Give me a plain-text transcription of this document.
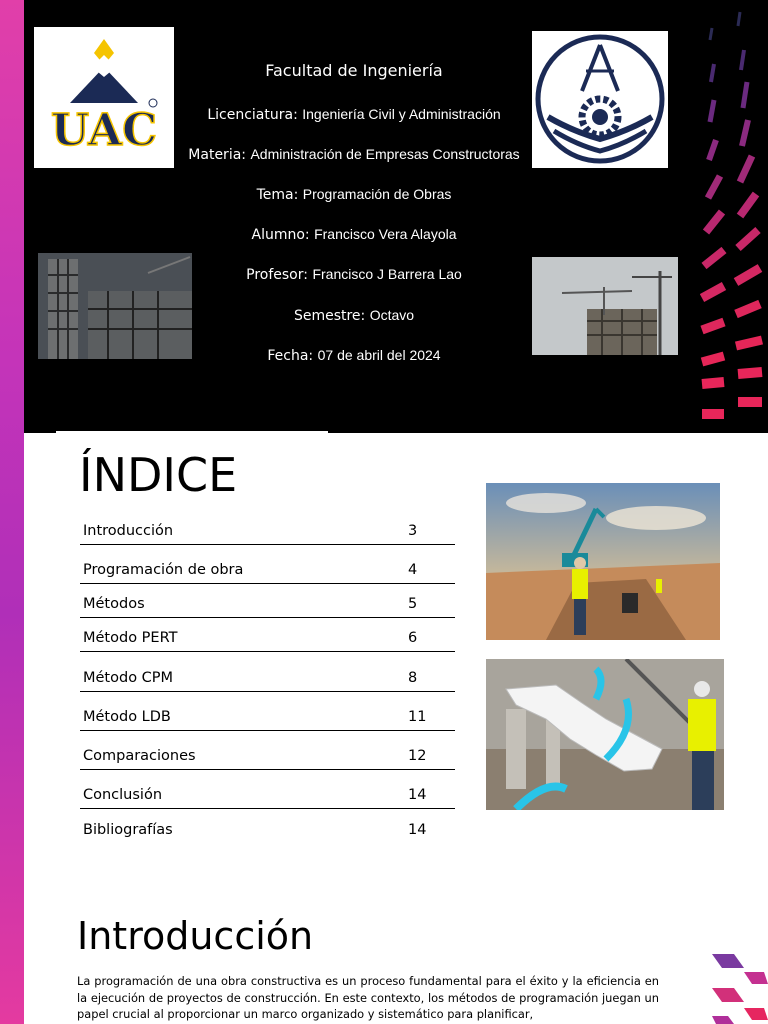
UAC
Facultad de Ingeniería
Licenciatura: Ingeniería Civil y Administración
Materia: Administración de Empresas Constructoras
Tema: Programación de Obras
Alumno: Francisco Vera Alayola
Profesor: Francisco J Barrera Lao
Semestre: Octavo
Fecha: 07 de abril del 2024
ÍNDICE
Introducción	3
Programación de obra	4
Métodos	5
Método PERT	6
Método CPM	8
Método LDB	11
Comparaciones	12
Conclusión	14
Bibliografías	14
Introducción
La programación de una obra constructiva es un proceso fundamental para el éxito y la eficiencia en la ejecución de proyectos de construcción. En este contexto, los métodos de programación juegan un papel crucial al proporcionar un marco organizado y sistemático para planificar,
